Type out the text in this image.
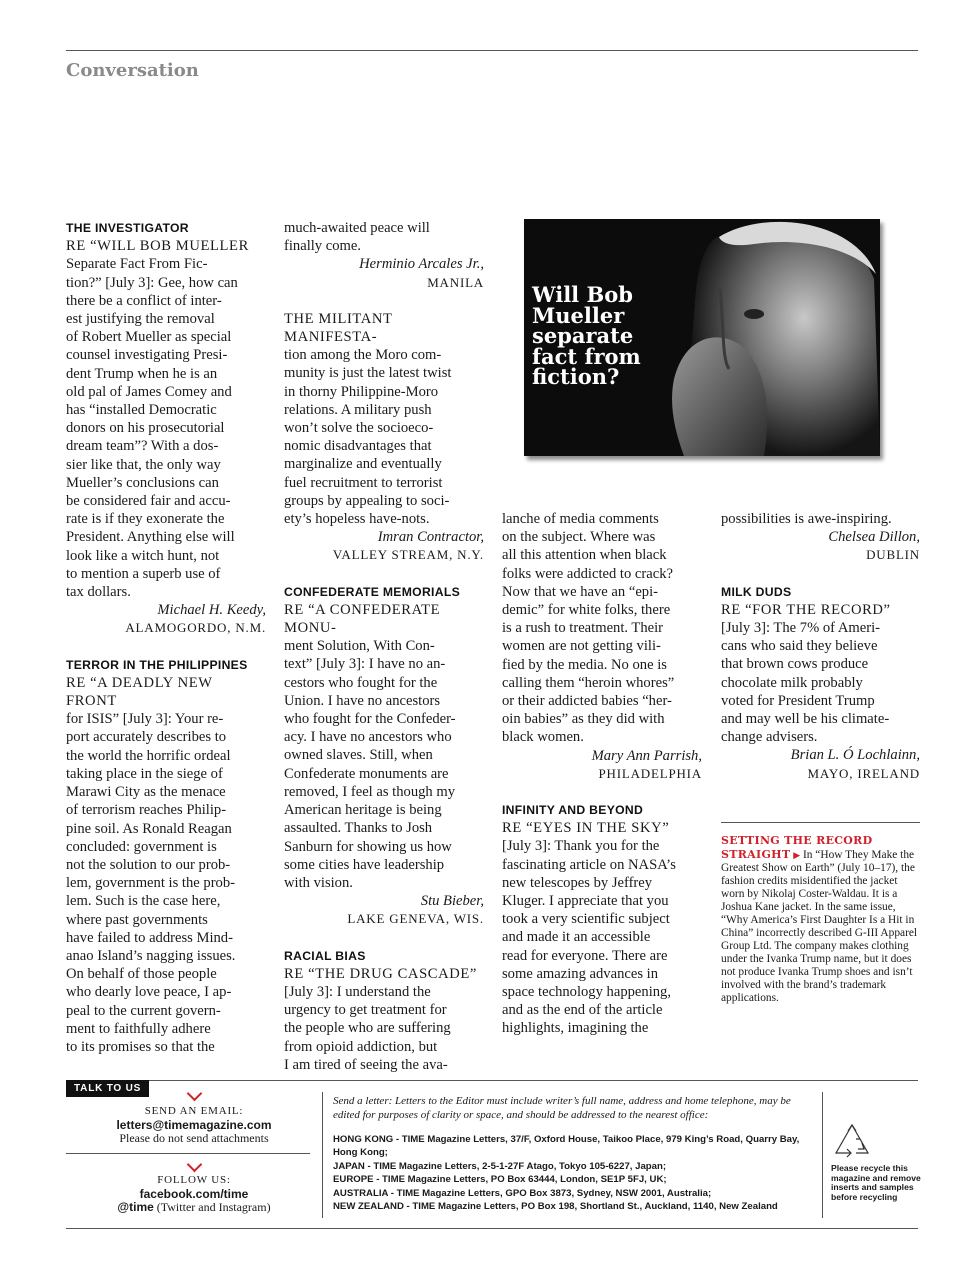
Conversation
THE INVESTIGATOR
RE “WILL BOB MUELLER
Separate Fact From Fic-
tion?” [July 3]: Gee, how can
there be a conflict of inter-
est justifying the removal
of Robert Mueller as special
counsel investigating Presi-
dent Trump when he is an
old pal of James Comey and
has “installed Democratic
donors on his prosecutorial
dream team”? With a dos-
sier like that, the only way
Mueller’s conclusions can
be considered fair and accu-
rate is if they exonerate the
President. Anything else will
look like a witch hunt, not
to mention a superb use of
tax dollars.

Michael H. Keedy,

ALAMOGORDO, N.M.

TERROR IN THE PHILIPPINES
RE “A DEADLY NEW FRONT
for ISIS” [July 3]: Your re-
port accurately describes to
the world the horrific ordeal
taking place in the siege of
Marawi City as the menace
of terrorism reaches Philip-
pine soil. As Ronald Reagan
concluded: government is
not the solution to our prob-
lem, government is the prob-
lem. Such is the case here,
where past governments
have failed to address Mind-
anao Island’s nagging issues.
On behalf of those people
who dearly love peace, I ap-
peal to the current govern-
ment to faithfully adhere
to its promises so that the
much-awaited peace will
finally come.

Herminio Arcales Jr.,

MANILA

THE MILITANT MANIFESTA-
tion among the Moro com-
munity is just the latest twist
in thorny Philippine-Moro
relations. A military push
won’t solve the socioeco-
nomic disadvantages that
marginalize and eventually
fuel recruitment to terrorist
groups by appealing to soci-
ety’s hopeless have-nots.

Imran Contractor,

VALLEY STREAM, N.Y.

CONFEDERATE MEMORIALS
RE “A CONFEDERATE MONU-
ment Solution, With Con-
text” [July 3]: I have no an-
cestors who fought for the
Union. I have no ancestors
who fought for the Confeder-
acy. I have no ancestors who
owned slaves. Still, when
Confederate monuments are
removed, I feel as though my
American heritage is being
assaulted. Thanks to Josh
Sanburn for showing us how
some cities have leadership
with vision.

Stu Bieber,

LAKE GENEVA, WIS.

RACIAL BIAS
RE “THE DRUG CASCADE”
[July 3]: I understand the
urgency to get treatment for
the people who are suffering
from opioid addiction, but
I am tired of seeing the ava-
Will Bob Mueller separate fact from fiction?
lanche of media comments
on the subject. Where was
all this attention when black
folks were addicted to crack?
Now that we have an “epi-
demic” for white folks, there
is a rush to treatment. Their
women are not getting vili-
fied by the media. No one is
calling them “heroin whores”
or their addicted babies “her-
oin babies” as they did with
black women.

Mary Ann Parrish,

PHILADELPHIA

INFINITY AND BEYOND
RE “EYES IN THE SKY”
[July 3]: Thank you for the
fascinating article on NASA’s
new telescopes by Jeffrey
Kluger. I appreciate that you
took a very scientific subject
and made it an accessible
read for everyone. There are
some amazing advances in
space technology happening,
and as the end of the article
highlights, imagining the
possibilities is awe-inspiring.

Chelsea Dillon,

DUBLIN

MILK DUDS
RE “FOR THE RECORD”
[July 3]: The 7% of Ameri-
cans who said they believe
that brown cows produce
chocolate milk probably
voted for President Trump
and may well be his climate-
change advisers.

Brian L. Ó Lochlainn,

MAYO, IRELAND

SETTING THE RECORD STRAIGHT ▶ In “How They Make the Greatest Show on Earth” (July 10–17), the fashion credits misidentified the jacket worn by Nikolaj Coster-Waldau. It is a Joshua Kane jacket. In the same issue, “Why America’s First Daughter Is a Hit in China” incorrectly described G-III Apparel Group Ltd. The company makes clothing under the Ivanka Trump name, but it does not produce Ivanka Trump shoes and isn’t involved with the brand’s trademark applications.
TALK TO US
SEND AN EMAIL:
letters@timemagazine.com
Please do not send attachments
FOLLOW US:
facebook.com/time
@time (Twitter and Instagram)
Send a letter: Letters to the Editor must include writer’s full name, address and home telephone, may be edited for purposes of clarity or space, and should be addressed to the nearest office:
HONG KONG - TIME Magazine Letters, 37/F, Oxford House, Taikoo Place, 979 King’s Road, Quarry Bay, Hong Kong;
JAPAN - TIME Magazine Letters, 2-5-1-27F Atago, Tokyo 105-6227, Japan;
EUROPE - TIME Magazine Letters, PO Box 63444, London, SE1P 5FJ, UK;
AUSTRALIA - TIME Magazine Letters, GPO Box 3873, Sydney, NSW 2001, Australia;
NEW ZEALAND - TIME Magazine Letters, PO Box 198, Shortland St., Auckland, 1140, New Zealand

Please recycle this magazine and remove inserts and samples before recycling
